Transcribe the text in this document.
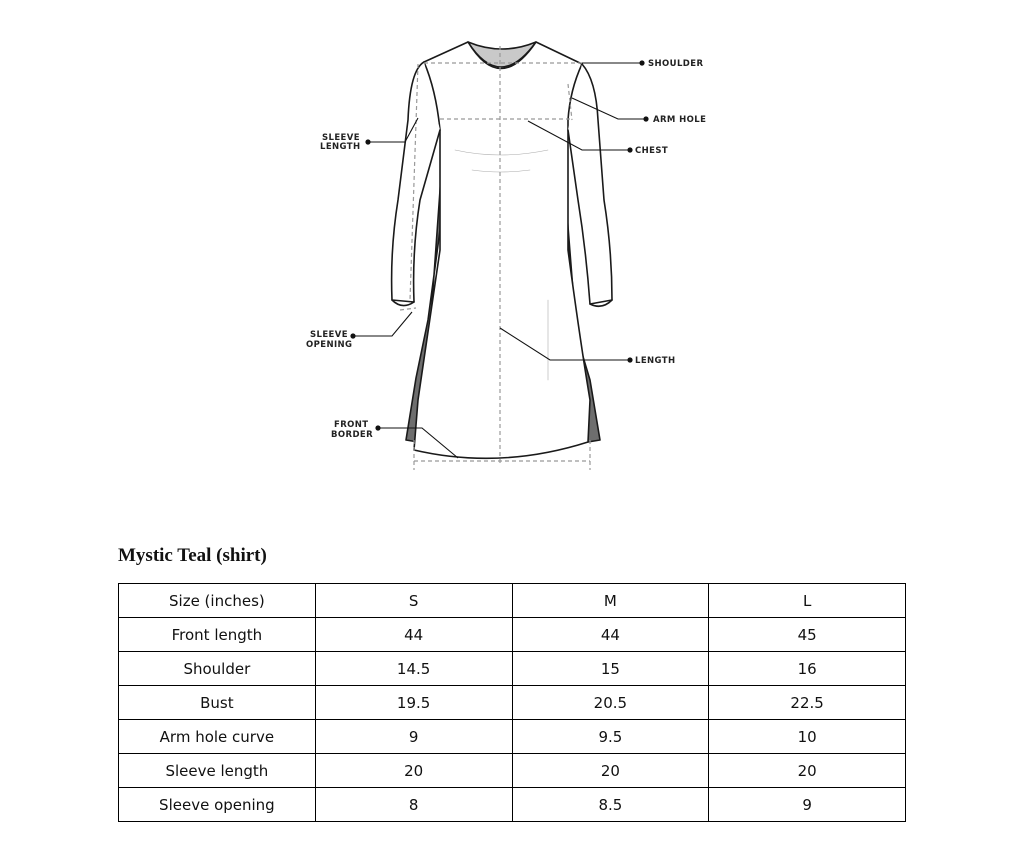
SHOULDER
ARM HOLE
CHEST
LENGTH
SLEEVE
LENGTH
SLEEVE
OPENING
FRONT
BORDER
Mystic Teal (shirt)
Size (inches)	S	M	L
Front length	44	44	45
Shoulder	14.5	15	16
Bust	19.5	20.5	22.5
Arm hole curve	9	9.5	10
Sleeve length	20	20	20
Sleeve opening	8	8.5	9
